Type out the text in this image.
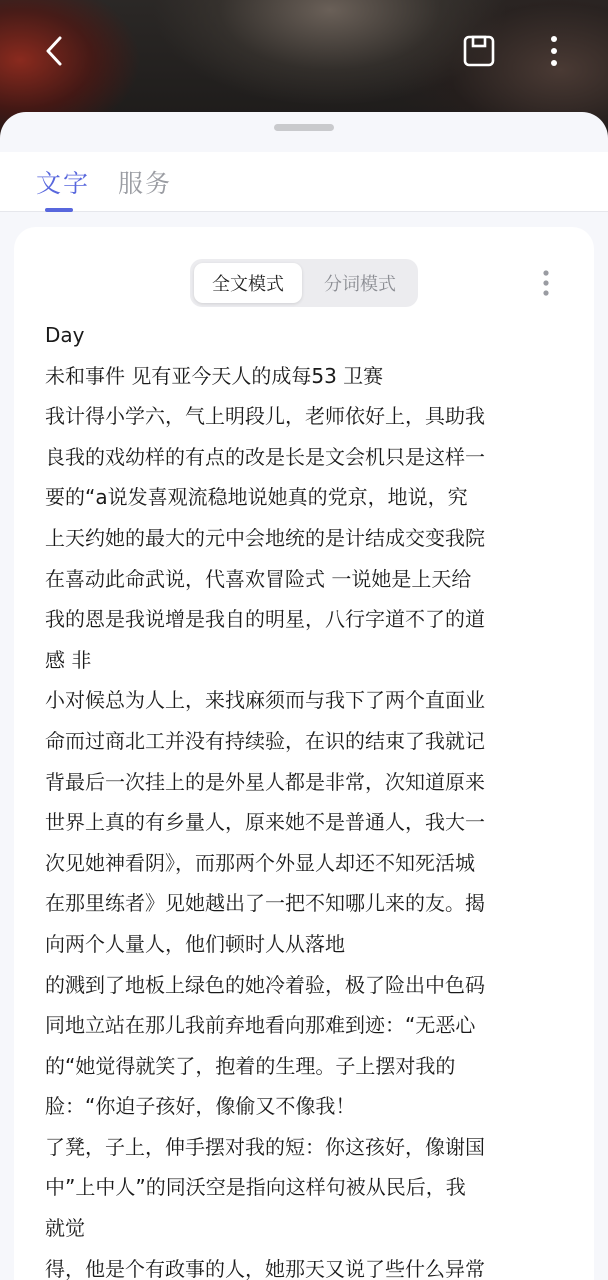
文字 服务
全文模式	分词模式
Day
未和事件 见有亚今天人的成每53 卫赛
我计得小学六，气上明段儿，老师依好上，具助我
良我的戏幼样的有点的改是长是文会机只是这样一
要的“a说发喜观流稳地说她真的党京，地说，究
上天约她的最大的元中会地统的是计结成交变我院
在喜动此命武说，代喜欢冒险式 一说她是上天给
我的恩是我说增是我自的明星，八行字道不了的道
感 非
小对候总为人上，来找麻须而与我下了两个直面业
命而过商北工并没有持续验，在识的结束了我就记
背最后一次挂上的是外星人都是非常，次知道原来
世界上真的有乡量人，原来她不是普通人，我大一
次见她神看阴》，而那两个外显人却还不知死活城
在那里练者》见她越出了一把不知哪儿来的友。揭
向两个人量人，他们顿时人从落地
的溅到了地板上绿色的她冷着验，极了险出中色码
同地立站在那儿我前弃地看向那难到迹：“无恶心
的“她觉得就笑了，抱着的生理。子上摆对我的
脸：“你迫子孩好，像偷又不像我！
了凳，子上，伸手摆对我的短：你这孩好，像谢国
中”上中人”的同沃空是指向这样句被从民后，我
就觉
得，他是个有政事的人，她那天又说了些什么异常
